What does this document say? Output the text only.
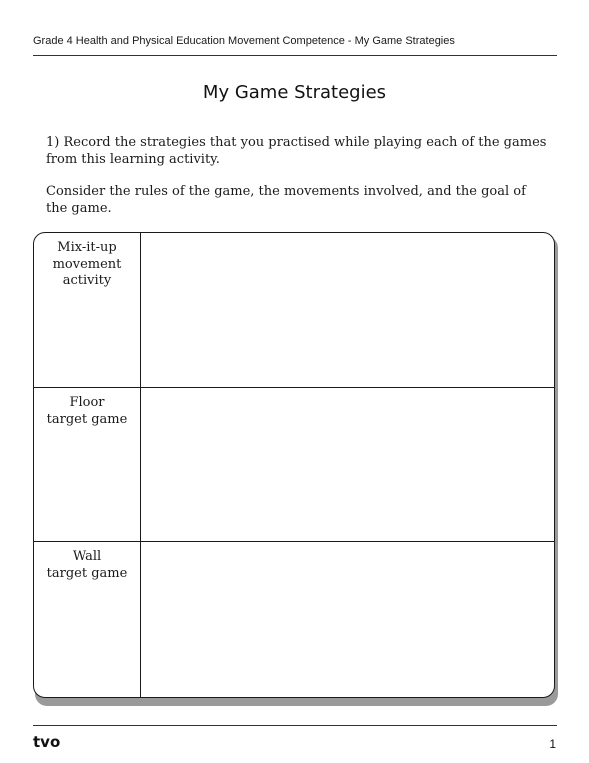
Grade 4 Health and Physical Education Movement Competence - My Game Strategies
My Game Strategies
1) Record the strategies that you practised while playing each of the games from this learning activity.
Consider the rules of the game, the movements involved, and the goal of the game.
Mix-it-up
movement
activity
Floor
target game
Wall
target game
tvo	1
